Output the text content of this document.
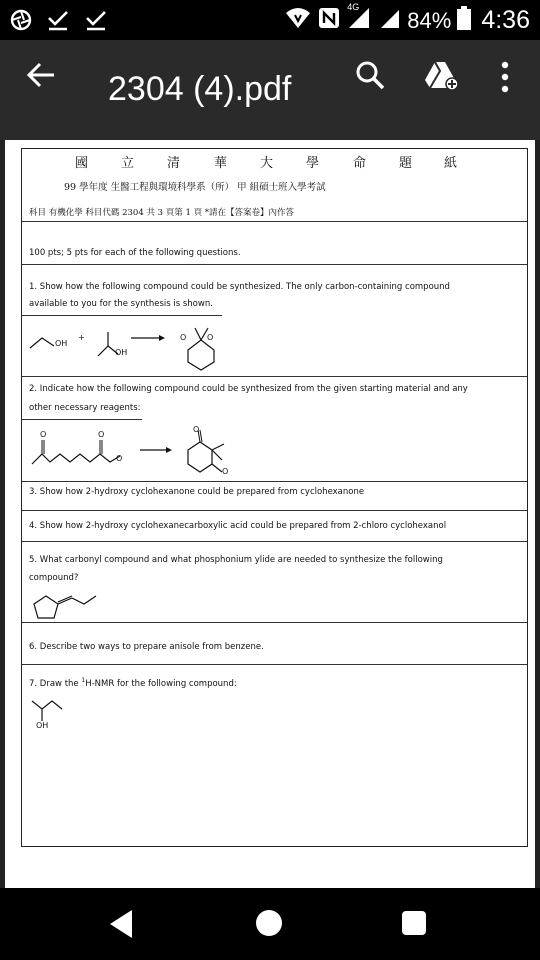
4G
84% 4:36
2304 (4).pdf
國	立	清	華	大	學	命	題 紙
99 學年度 生醫工程與環境科學系（所） 甲 組碩士班入學考試
科目 有機化學 科目代碼 2304 共 3 頁第 1 頁 *請在【答案卷】內作答
100 pts; 5 pts for each of the following questions.
1. Show how the following compound could be synthesized. The only carbon-containing compound
available to you for the synthesis is shown.
OH
+
OH
O	O
2. Indicate how the following compound could be synthesized from the given starting material and any
other necessary reagents:
O	O
O
O
O
3. Show how 2-hydroxy cyclohexanone could be prepared from cyclohexanone
4. Show how 2-hydroxy cyclohexanecarboxylic acid could be prepared from 2-chloro cyclohexanol
5. What carbonyl compound and what phosphonium ylide are needed to synthesize the following
compound?
6. Describe two ways to prepare anisole from benzene.
7. Draw the $^1$H-NMR for the following compound:
OH
